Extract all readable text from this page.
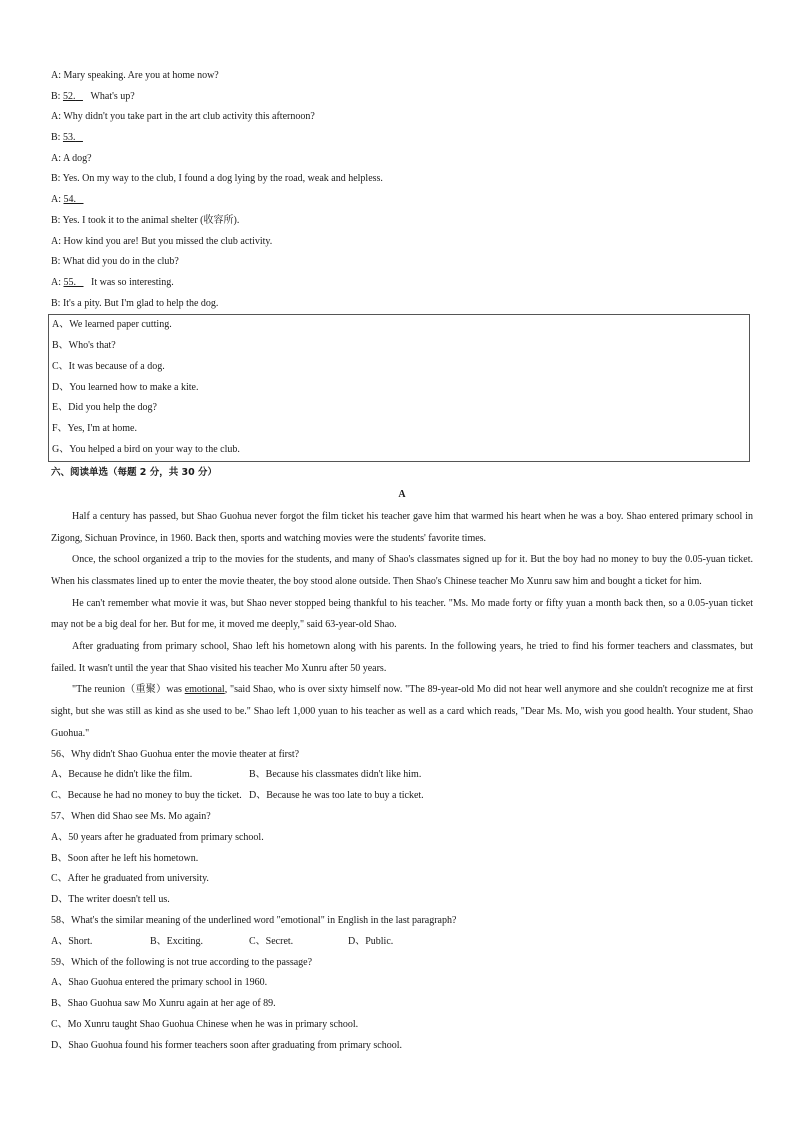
A: Mary speaking. Are you at home now?
B: 52. What's up?
A: Why didn't you take part in the art club activity this afternoon?
B: 53.
A: A dog?
B: Yes. On my way to the club, I found a dog lying by the road, weak and helpless.
A: 54.
B: Yes. I took it to the animal shelter (收容所).
A: How kind you are! But you missed the club activity.
B: What did you do in the club?
A: 55. It was so interesting.
B: It's a pity. But I'm glad to help the dog.
A、We learned paper cutting.
B、Who's that?
C、It was because of a dog.
D、You learned how to make a kite.
E、Did you help the dog?
F、Yes, I'm at home.
G、You helped a bird on your way to the club.
六、阅读单选（每题 2 分，共 30 分）
A
Half a century has passed, but Shao Guohua never forgot the film ticket his teacher gave him that warmed his heart when he was a boy. Shao entered primary school in Zigong, Sichuan Province, in 1960. Back then, sports and watching movies were the students' favorite times.
Once, the school organized a trip to the movies for the students, and many of Shao's classmates signed up for it. But the boy had no money to buy the 0.05-yuan ticket. When his classmates lined up to enter the movie theater, the boy stood alone outside. Then Shao's Chinese teacher Mo Xunru saw him and bought a ticket for him.
He can't remember what movie it was, but Shao never stopped being thankful to his teacher. "Ms. Mo made forty or fifty yuan a month back then, so a 0.05-yuan ticket may not be a big deal for her. But for me, it moved me deeply," said 63-year-old Shao.
After graduating from primary school, Shao left his hometown along with his parents. In the following years, he tried to find his former teachers and classmates, but failed. It wasn't until the year that Shao visited his teacher Mo Xunru after 50 years.
"The reunion（重聚）was emotional, "said Shao, who is over sixty himself now. "The 89-year-old Mo did not hear well anymore and she couldn't recognize me at first sight, but she was still as kind as she used to be." Shao left 1,000 yuan to his teacher as well as a card which reads, "Dear Ms. Mo, wish you good health. Your student, Shao Guohua."
56、Why didn't Shao Guohua enter the movie theater at first?
A、Because he didn't like the film.	B、Because his classmates didn't like him.
C、Because he had no money to buy the ticket. D、Because he was too late to buy a ticket.
57、When did Shao see Ms. Mo again?
A、50 years after he graduated from primary school.
B、Soon after he left his hometown.
C、After he graduated from university.
D、The writer doesn't tell us.
58、What's the similar meaning of the underlined word "emotional" in English in the last paragraph?
A、Short.	B、Exciting.	C、Secret.	D、Public.
59、Which of the following is not true according to the passage?
A、Shao Guohua entered the primary school in 1960.
B、Shao Guohua saw Mo Xunru again at her age of 89.
C、Mo Xunru taught Shao Guohua Chinese when he was in primary school.
D、Shao Guohua found his former teachers soon after graduating from primary school.
